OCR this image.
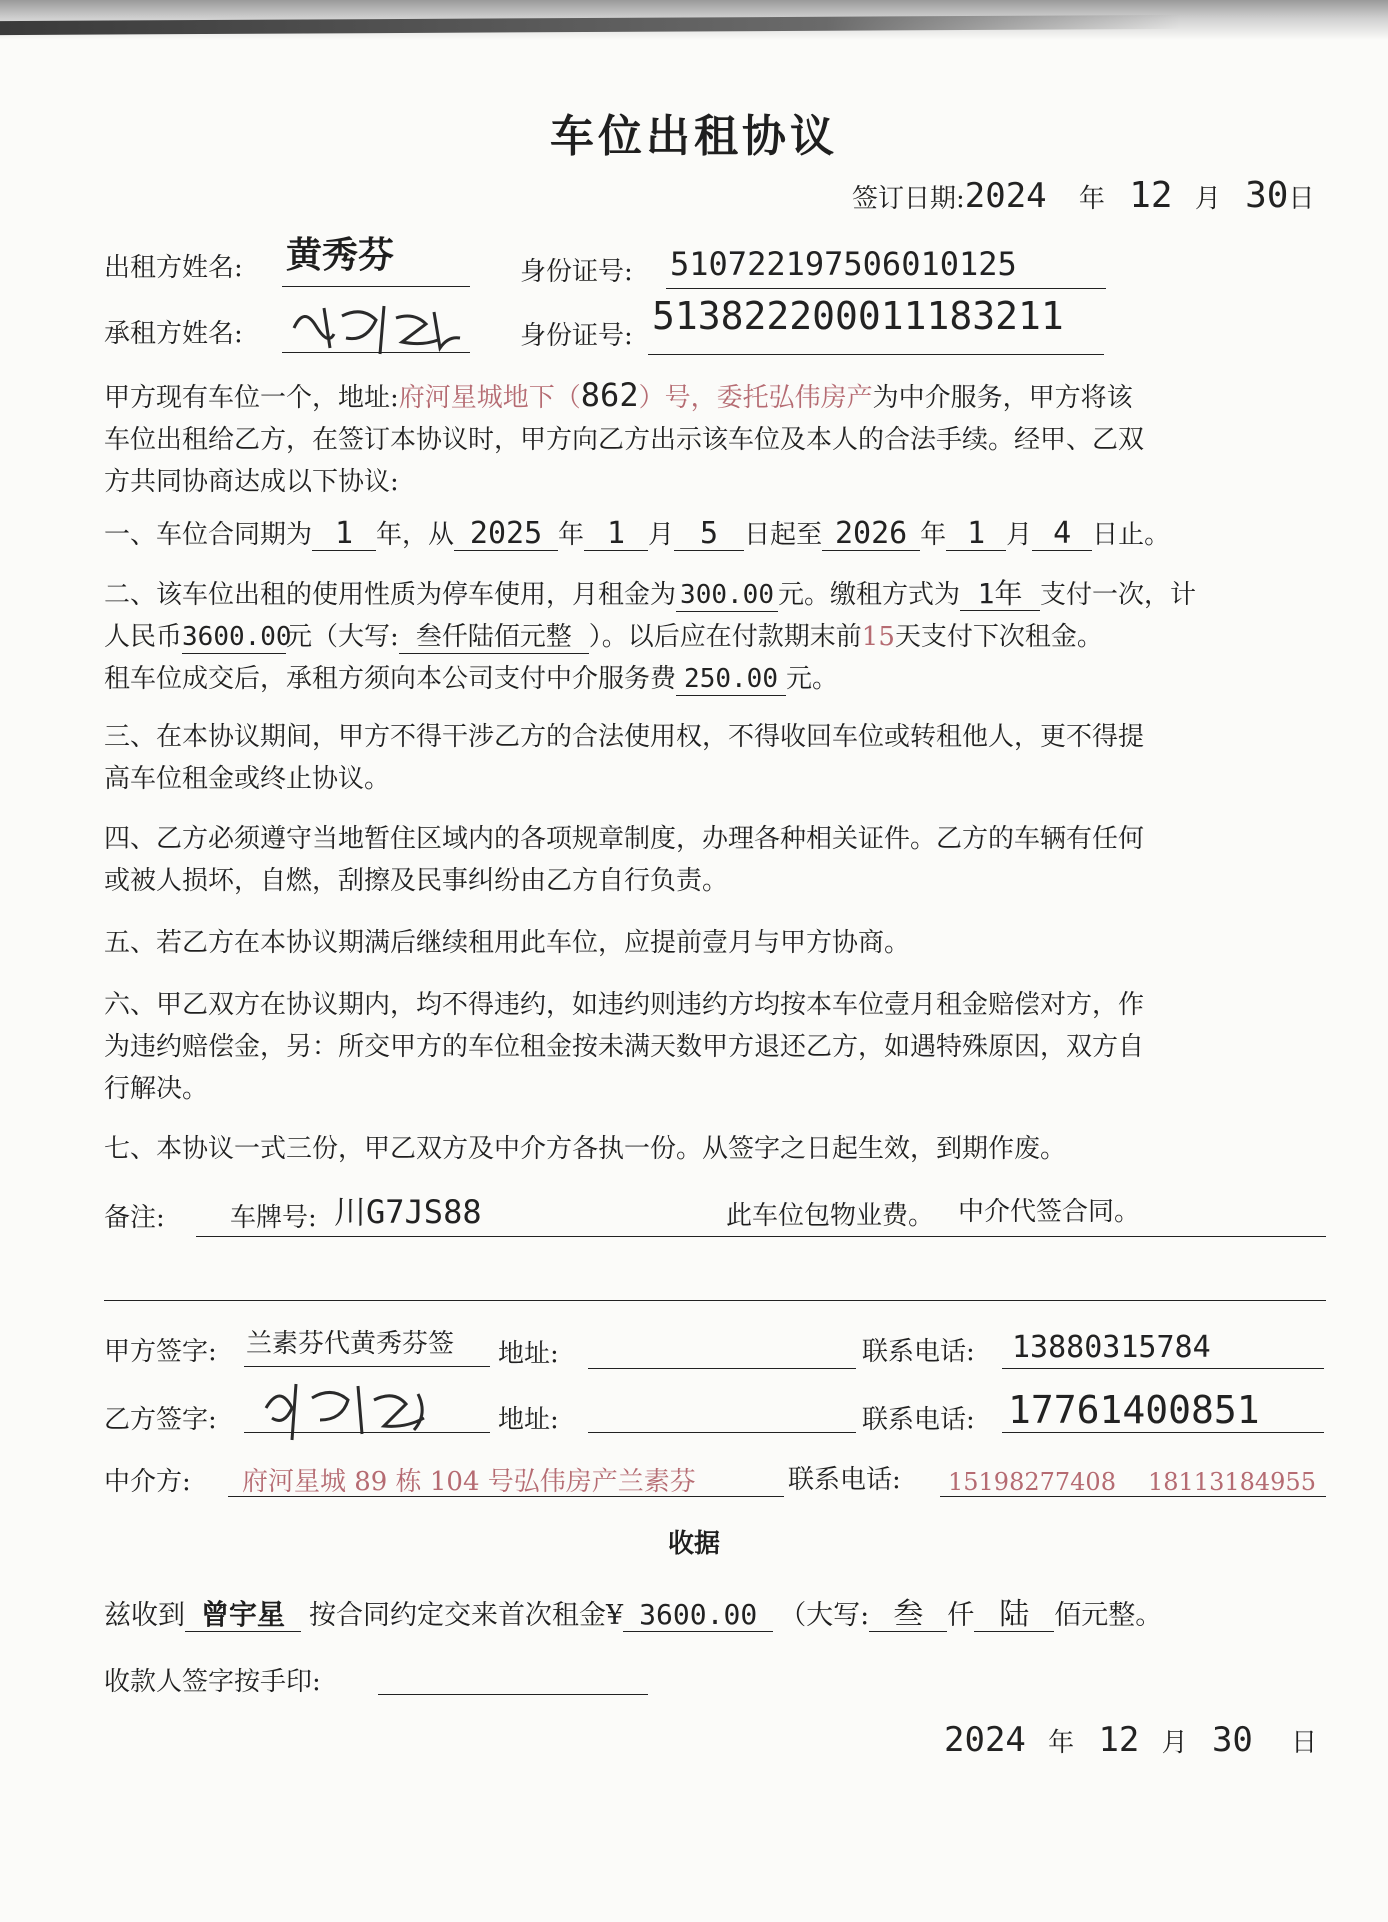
车位出租协议
签订日期:2024 年 12 月 30日
出租方姓名: 黄秀芬	身份证号: 510722197506010125
承租方姓名:	身份证号: 513822200011183211
甲方现有车位一个，地址:府河星城地下（862）号，委托弘伟房产为中介服务，甲方将该
车位出租给乙方，在签订本协议时，甲方向乙方出示该车位及本人的合法手续。经甲、乙双
方共同协商达成以下协议:
一、车位合同期为 1 年，从 2025 年 1 月 5 日起至 2026 年 1 月 4 日止。
二、该车位出租的使用性质为停车使用，月租金为 300.00 元。缴租方式为 1年 支付一次，计
人民币3600.00元（大写: 叁仟陆佰元整 ）。以后应在付款期末前15天支付下次租金。
租车位成交后，承租方须向本公司支付中介服务费 250.00 元。
三、在本协议期间，甲方不得干涉乙方的合法使用权，不得收回车位或转租他人，更不得提
高车位租金或终止协议。
四、乙方必须遵守当地暂住区域内的各项规章制度，办理各种相关证件。乙方的车辆有任何
或被人损坏，自燃，刮擦及民事纠纷由乙方自行负责。
五、若乙方在本协议期满后继续租用此车位，应提前壹月与甲方协商。
六、甲乙双方在协议期内，均不得违约，如违约则违约方均按本车位壹月租金赔偿对方，作
为违约赔偿金，另：所交甲方的车位租金按未满天数甲方退还乙方，如遇特殊原因，双方自
行解决。
七、本协议一式三份，甲乙双方及中介方各执一份。从签字之日起生效，到期作废。
备注:	车牌号: 川G7JS88	此车位包物业费。 中介代签合同。
甲方签字: 兰素芬代黄秀芬签 地址:	联系电话: 13880315784
乙方签字:	地址:	联系电话: 17761400851
中介方: 府河星城 89 栋 104 号弘伟房产兰素芬	联系电话: 15198277408 18113184955
收据
兹收到 曾宇星 按合同约定交来首次租金¥ 3600.00 （大写: 叁 仟 陆 佰元整。
收款人签字按手印:
2024 年 12 月 30 日
